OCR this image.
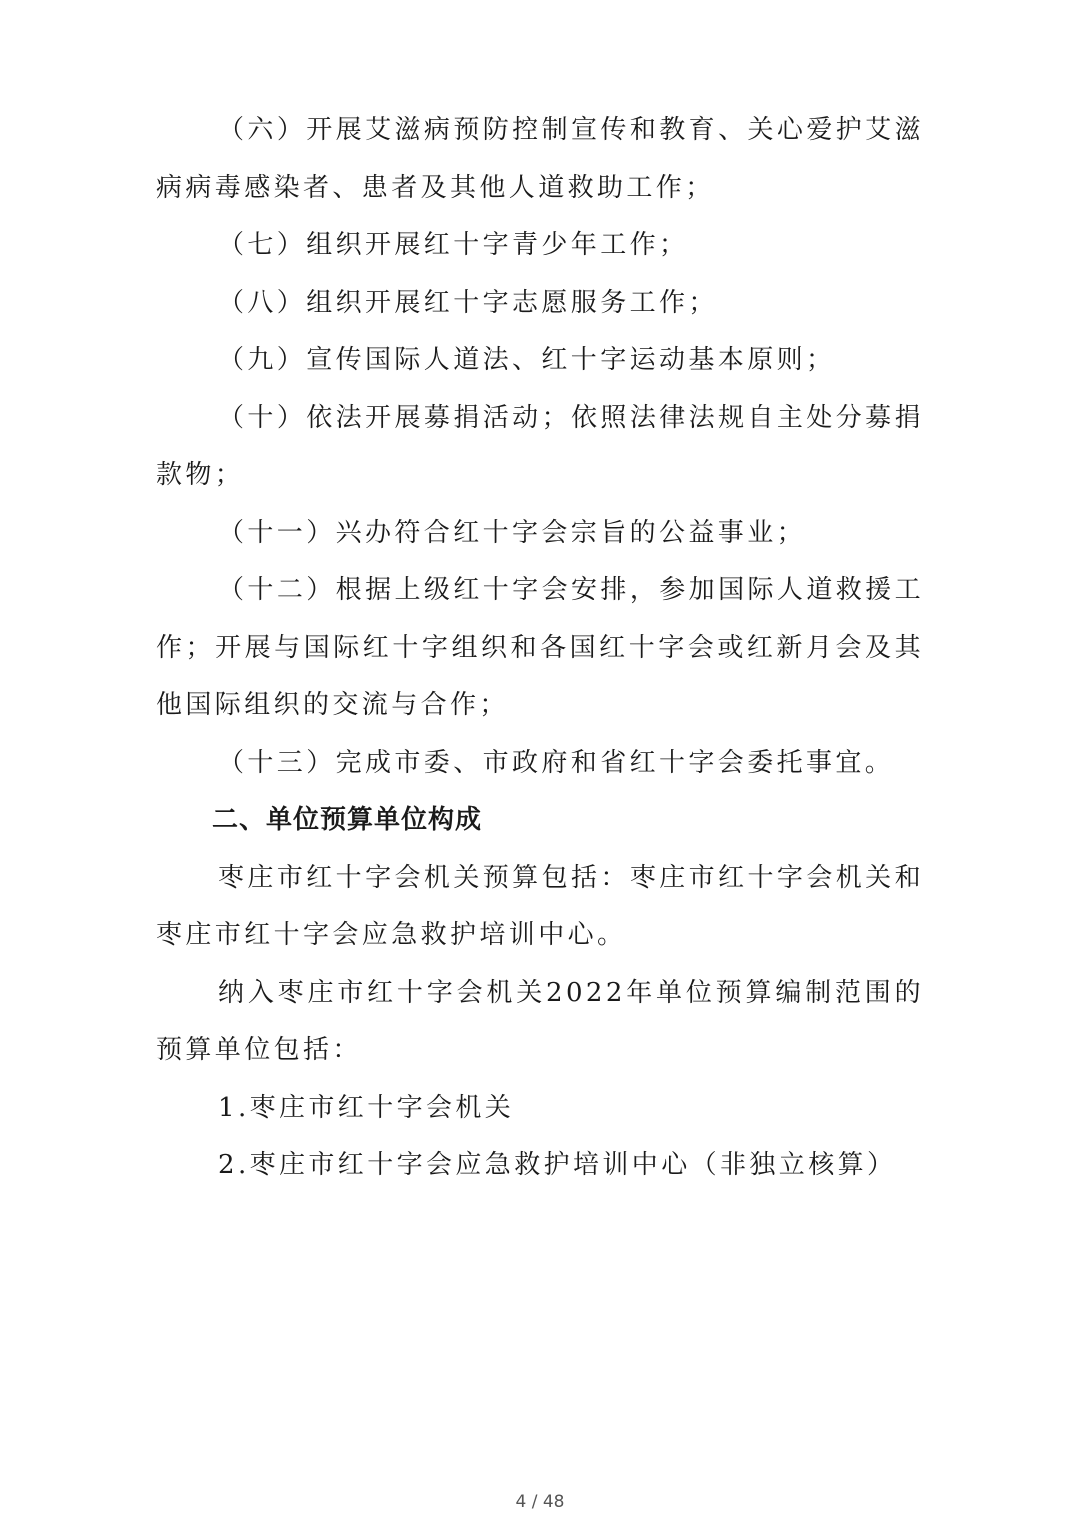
（六）开展艾滋病预防控制宣传和教育、关心爱护艾滋病病毒感染者、患者及其他人道救助工作；

（七）组织开展红十字青少年工作；

（八）组织开展红十字志愿服务工作；

（九）宣传国际人道法、红十字运动基本原则；

（十）依法开展募捐活动；依照法律法规自主处分募捐款物；

（十一）兴办符合红十字会宗旨的公益事业；

（十二）根据上级红十字会安排，参加国际人道救援工作；开展与国际红十字组织和各国红十字会或红新月会及其他国际组织的交流与合作；

（十三）完成市委、市政府和省红十字会委托事宜。

二、单位预算单位构成

枣庄市红十字会机关预算包括：枣庄市红十字会机关和枣庄市红十字会应急救护培训中心。

纳入枣庄市红十字会机关2022年单位预算编制范围的预算单位包括：

1.枣庄市红十字会机关

2.枣庄市红十字会应急救护培训中心（非独立核算）

4 / 48
